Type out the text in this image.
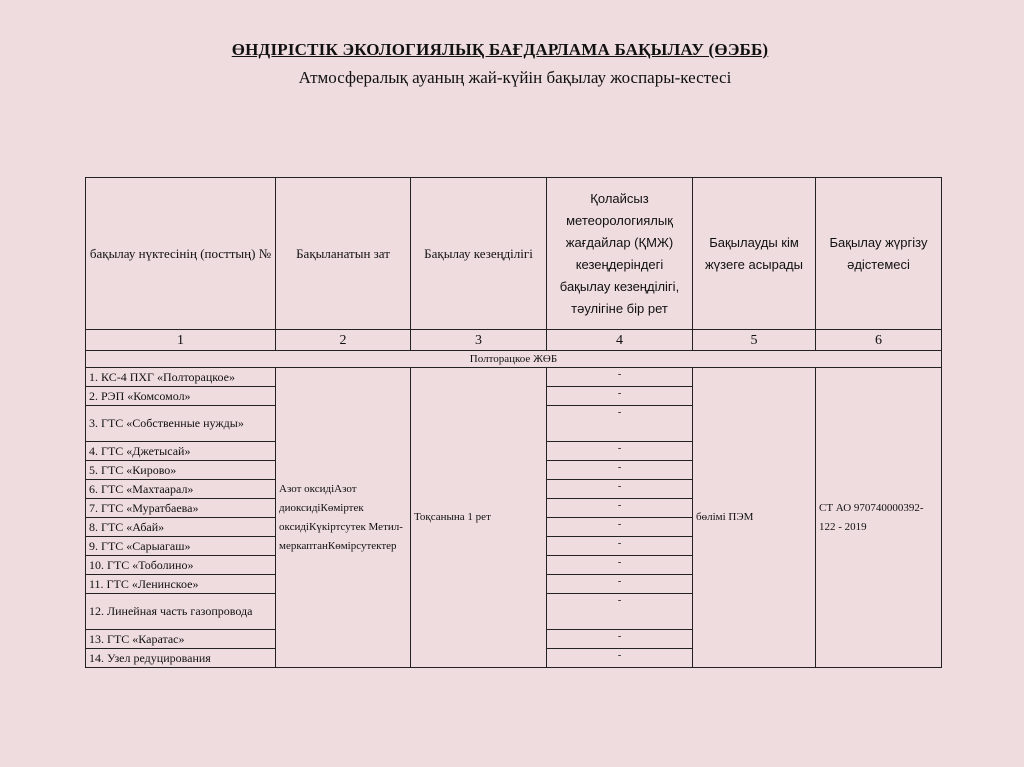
ӨНДІРІСТІК ЭКОЛОГИЯЛЫҚ БАҒДАРЛАМА БАҚЫЛАУ (ӨЭББ)
Атмосфералық ауаның жай-күйін бақылау жоспары-кестесі
бақылау нүктесінің (посттың) №	Бақыланатын зат	Бақылау кезеңділігі	Қолайсыз метеорологиялық жағдайлар (ҚМЖ) кезеңдеріндегі бақылау кезеңділігі, тәулігіне бір рет	Бақылауды кім жүзеге асырады	Бақылау жүргізу әдістемесі
1	2	3	4	5	6
Полторацкое ЖӨБ					
1. КС-4 ПХГ «Полторацкое»	Азот оксидіАзот диоксидіКөміртек оксидіКүкіртсутек Метил-меркаптанКөмірсутектер	Тоқсанына 1 рет	-	бөлімі ПЭМ	СТ АО 970740000392-122 - 2019
2. РЭП «Комсомол»			-		
3. ГТС «Собственные нужды»			-		
4. ГТС «Джетысай»			-		
5. ГТС «Кирово»			-		
6. ГТС «Махтаарал»			-		
7. ГТС «Муратбаева»			-		
8. ГТС «Абай»			-		
9. ГТС «Сарыагаш»			-		
10. ГТС «Тоболино»			-		
11. ГТС «Ленинское»			-		
12. Линейная часть газопровода			-		
13. ГТС «Каратас»			-		
14. Узел редуцирования			-		
